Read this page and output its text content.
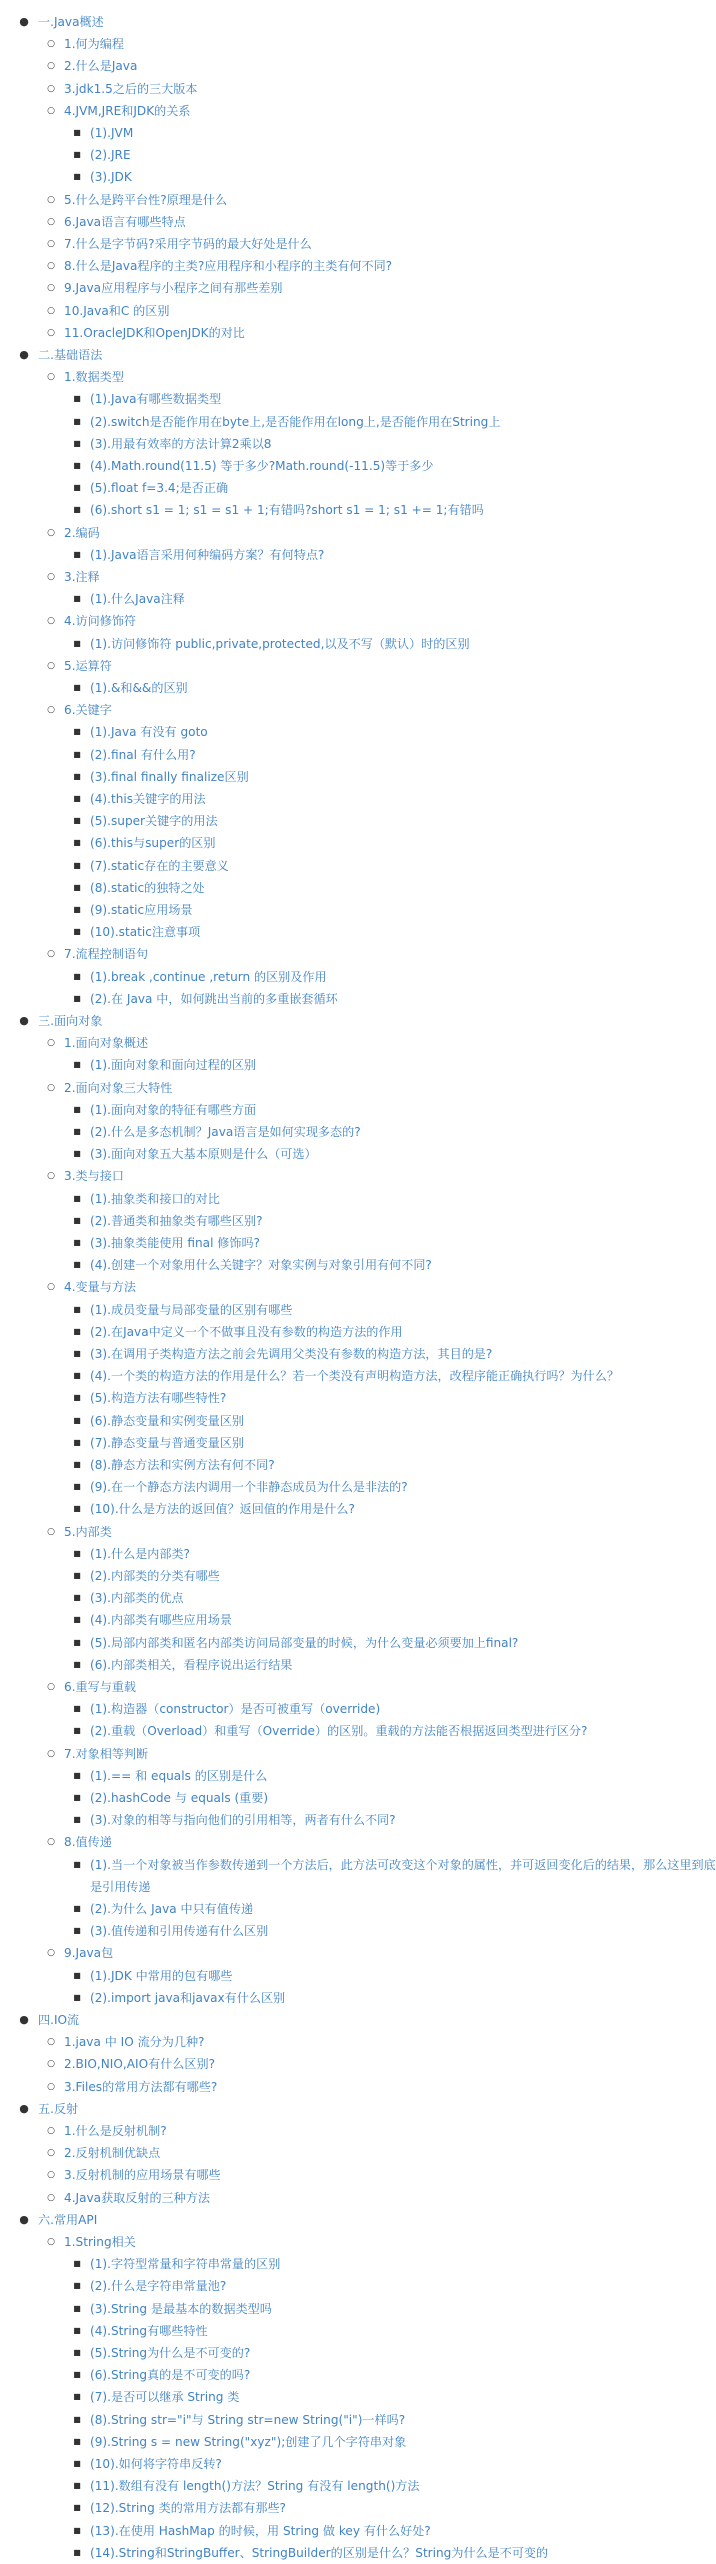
● 一.Java概述
○ 1.何为编程
○ 2.什么是Java
○ 3.jdk1.5之后的三大版本
○ 4.JVM,JRE和JDK的关系
■ (1).JVM
■ (2).JRE
■ (3).JDK
○ 5.什么是跨平台性?原理是什么
○ 6.Java语言有哪些特点
○ 7.什么是字节码?采用字节码的最大好处是什么
○ 8.什么是Java程序的主类?应用程序和小程序的主类有何不同?
○ 9.Java应用程序与小程序之间有那些差别
○ 10.Java和C 的区别
○ 11.OracleJDK和OpenJDK的对比
● 二.基础语法
○ 1.数据类型
■ (1).Java有哪些数据类型
■ (2).switch是否能作用在byte上,是否能作用在long上,是否能作用在String上
■ (3).用最有效率的方法计算2乘以8
■ (4).Math.round(11.5) 等于多少?Math.round(-11.5)等于多少
■ (5).float f=3.4;是否正确
■ (6).short s1 = 1; s1 = s1 + 1;有错吗?short s1 = 1; s1 += 1;有错吗
○ 2.编码
■ (1).Java语言采用何种编码方案？有何特点?
○ 3.注释
■ (1).什么Java注释
○ 4.访问修饰符
■ (1).访问修饰符 public,private,protected,以及不写（默认）时的区别
○ 5.运算符
■ (1).&和&&的区别
○ 6.关键字
■ (1).Java 有没有 goto
■ (2).final 有什么用?
■ (3).final finally finalize区别
■ (4).this关键字的用法
■ (5).super关键字的用法
■ (6).this与super的区别
■ (7).static存在的主要意义
■ (8).static的独特之处
■ (9).static应用场景
■ (10).static注意事项
○ 7.流程控制语句
■ (1).break ,continue ,return 的区别及作用
■ (2).在 Java 中，如何跳出当前的多重嵌套循环
● 三.面向对象
○ 1.面向对象概述
■ (1).面向对象和面向过程的区别
○ 2.面向对象三大特性
■ (1).面向对象的特征有哪些方面
■ (2).什么是多态机制？Java语言是如何实现多态的?
■ (3).面向对象五大基本原则是什么（可选）
○ 3.类与接口
■ (1).抽象类和接口的对比
■ (2).普通类和抽象类有哪些区别?
■ (3).抽象类能使用 final 修饰吗?
■ (4).创建一个对象用什么关键字？对象实例与对象引用有何不同?
○ 4.变量与方法
■ (1).成员变量与局部变量的区别有哪些
■ (2).在Java中定义一个不做事且没有参数的构造方法的作用
■ (3).在调用子类构造方法之前会先调用父类没有参数的构造方法，其目的是?
■ (4).一个类的构造方法的作用是什么？若一个类没有声明构造方法，改程序能正确执行吗？为什么？
■ (5).构造方法有哪些特性?
■ (6).静态变量和实例变量区别
■ (7).静态变量与普通变量区别
■ (8).静态方法和实例方法有何不同?
■ (9).在一个静态方法内调用一个非静态成员为什么是非法的?
■ (10).什么是方法的返回值？返回值的作用是什么?
○ 5.内部类
■ (1).什么是内部类?
■ (2).内部类的分类有哪些
■ (3).内部类的优点
■ (4).内部类有哪些应用场景
■ (5).局部内部类和匿名内部类访问局部变量的时候，为什么变量必须要加上final?
■ (6).内部类相关，看程序说出运行结果
○ 6.重写与重载
■ (1).构造器（constructor）是否可被重写（override)
■ (2).重载（Overload）和重写（Override）的区别。重载的方法能否根据返回类型进行区分?
○ 7.对象相等判断
■ (1).== 和 equals 的区别是什么
■ (2).hashCode 与 equals (重要)
■ (3).对象的相等与指向他们的引用相等，两者有什么不同?
○ 8.值传递
■ (1).当一个对象被当作参数传递到一个方法后，此方法可改变这个对象的属性，并可返回变化后的结果，那么这里到底
是引用传递
■ (2).为什么 Java 中只有值传递
■ (3).值传递和引用传递有什么区别
○ 9.Java包
■ (1).JDK 中常用的包有哪些
■ (2).import java和javax有什么区别
● 四.IO流
○ 1.java 中 IO 流分为几种?
○ 2.BIO,NIO,AIO有什么区别?
○ 3.Files的常用方法都有哪些?
● 五.反射
○ 1.什么是反射机制?
○ 2.反射机制优缺点
○ 3.反射机制的应用场景有哪些
○ 4.Java获取反射的三种方法
● 六.常用API
○ 1.String相关
■ (1).字符型常量和字符串常量的区别
■ (2).什么是字符串常量池?
■ (3).String 是最基本的数据类型吗
■ (4).String有哪些特性
■ (5).String为什么是不可变的?
■ (6).String真的是不可变的吗?
■ (7).是否可以继承 String 类
■ (8).String str="i"与 String str=new String("i")一样吗?
■ (9).String s = new String("xyz");创建了几个字符串对象
■ (10).如何将字符串反转?
■ (11).数组有没有 length()方法？String 有没有 length()方法
■ (12).String 类的常用方法都有那些?
■ (13).在使用 HashMap 的时候，用 String 做 key 有什么好处?
■ (14).String和StringBuffer、StringBuilder的区别是什么？String为什么是不可变的
